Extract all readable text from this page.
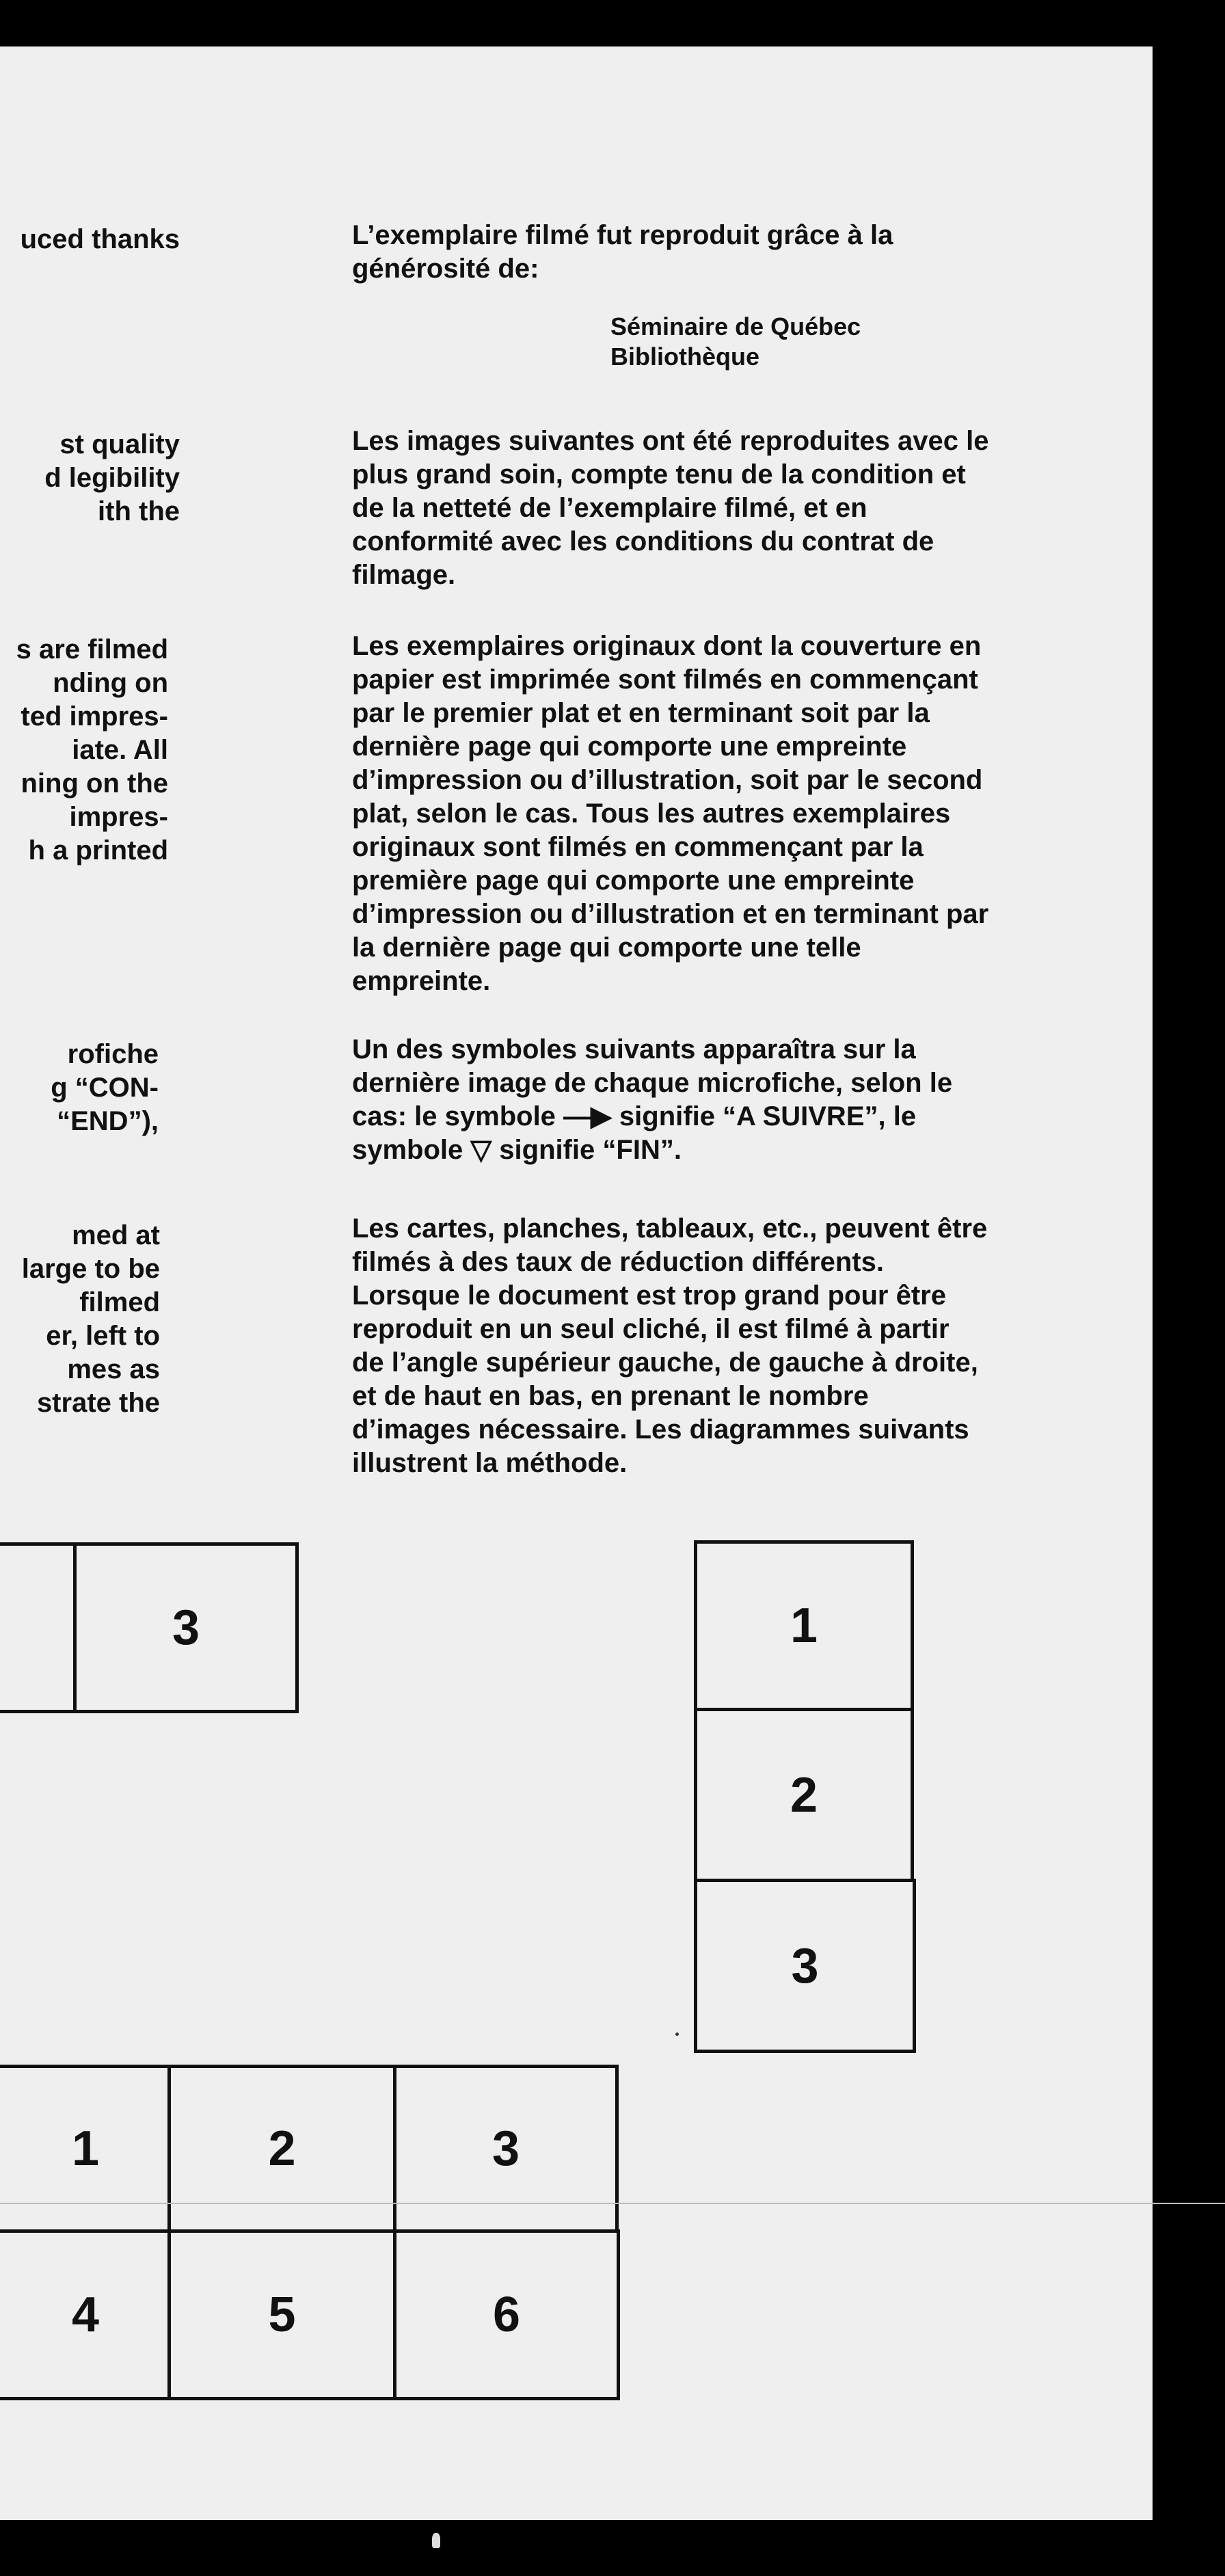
uced thanks
st quality
d legibility
ith the
s are filmed
nding on
ted impres-
iate. All
ning on the
impres-
h a printed
rofiche
g “CON-
“END”),
med at
large to be
filmed
er, left to
mes as
strate the
L’exemplaire filmé fut reproduit grâce à la
générosité de:
Séminaire de Québec
Bibliothèque
Les images suivantes ont été reproduites avec le
plus grand soin, compte tenu de la condition et
de la netteté de l’exemplaire filmé, et en
conformité avec les conditions du contrat de
filmage.
Les exemplaires originaux dont la couverture en
papier est imprimée sont filmés en commençant
par le premier plat et en terminant soit par la
dernière page qui comporte une empreinte
d’impression ou d’illustration, soit par le second
plat, selon le cas. Tous les autres exemplaires
originaux sont filmés en commençant par la
première page qui comporte une empreinte
d’impression ou d’illustration et en terminant par
la dernière page qui comporte une telle
empreinte.
Un des symboles suivants apparaîtra sur la
dernière image de chaque microfiche, selon le
cas: le symbole —▶ signifie “A SUIVRE”, le
symbole ▽ signifie “FIN”.
Les cartes, planches, tableaux, etc., peuvent être
filmés à des taux de réduction différents.
Lorsque le document est trop grand pour être
reproduit en un seul cliché, il est filmé à partir
de l’angle supérieur gauche, de gauche à droite,
et de haut en bas, en prenant le nombre
d’images nécessaire. Les diagrammes suivants
illustrent la méthode.
3	1
2
3
1	2	3
4	5	6
